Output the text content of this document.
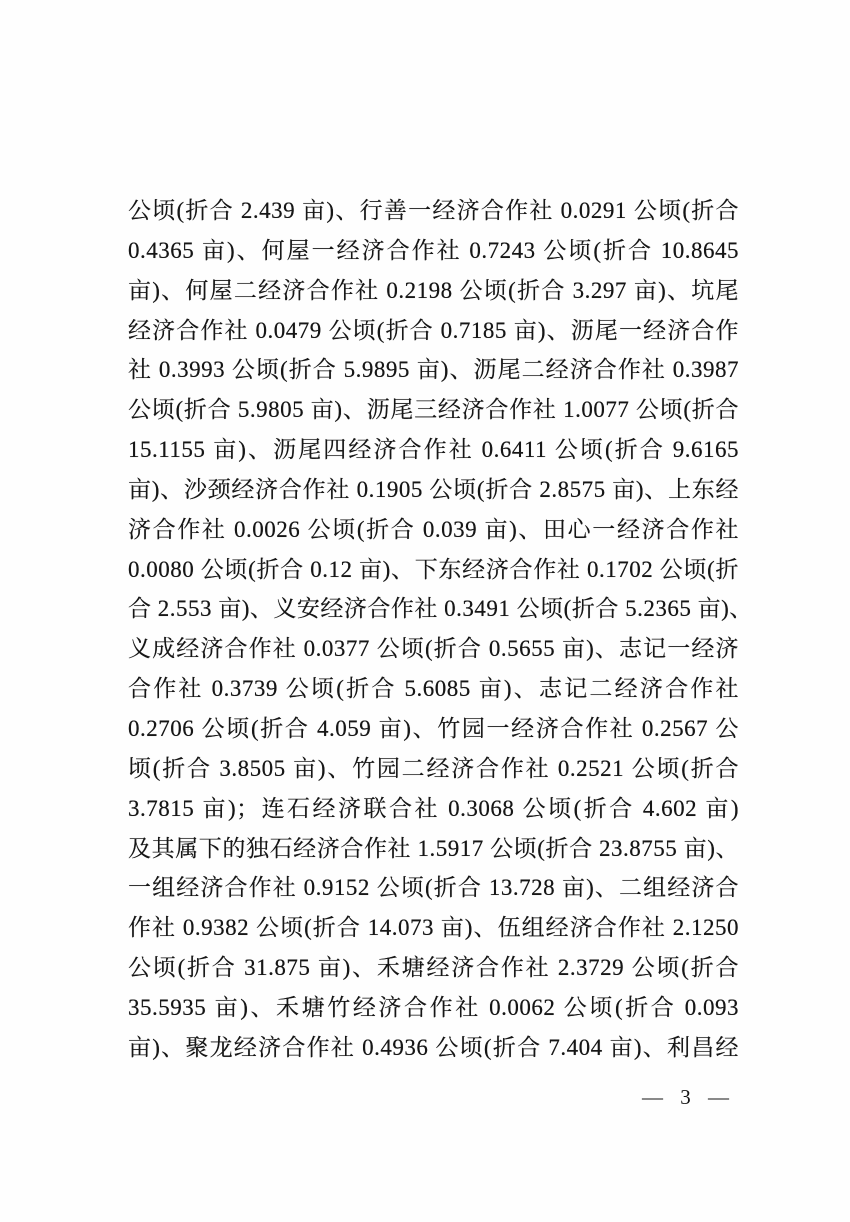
公顷(折合 2.439 亩)、行善一经济合作社 0.0291 公顷(折合
0.4365 亩)、何屋一经济合作社 0.7243 公顷(折合 10.8645
亩)、何屋二经济合作社 0.2198 公顷(折合 3.297 亩)、坑尾
经济合作社 0.0479 公顷(折合 0.7185 亩)、沥尾一经济合作
社 0.3993 公顷(折合 5.9895 亩)、沥尾二经济合作社 0.3987
公顷(折合 5.9805 亩)、沥尾三经济合作社 1.0077 公顷(折合
15.1155 亩)、沥尾四经济合作社 0.6411 公顷(折合 9.6165
亩)、沙颈经济合作社 0.1905 公顷(折合 2.8575 亩)、上东经
济合作社 0.0026 公顷(折合 0.039 亩)、田心一经济合作社
0.0080 公顷(折合 0.12 亩)、下东经济合作社 0.1702 公顷(折
合 2.553 亩)、义安经济合作社 0.3491 公顷(折合 5.2365 亩)、
义成经济合作社 0.0377 公顷(折合 0.5655 亩)、志记一经济
合作社 0.3739 公顷(折合 5.6085 亩)、志记二经济合作社
0.2706 公顷(折合 4.059 亩)、竹园一经济合作社 0.2567 公
顷(折合 3.8505 亩)、竹园二经济合作社 0.2521 公顷(折合
3.7815 亩)；连石经济联合社 0.3068 公顷(折合 4.602 亩)
及其属下的独石经济合作社 1.5917 公顷(折合 23.8755 亩)、
一组经济合作社 0.9152 公顷(折合 13.728 亩)、二组经济合
作社 0.9382 公顷(折合 14.073 亩)、伍组经济合作社 2.1250
公顷(折合 31.875 亩)、禾塘经济合作社 2.3729 公顷(折合
35.5935 亩)、禾塘竹经济合作社 0.0062 公顷(折合 0.093
亩)、聚龙经济合作社 0.4936 公顷(折合 7.404 亩)、利昌经
— 3 —
